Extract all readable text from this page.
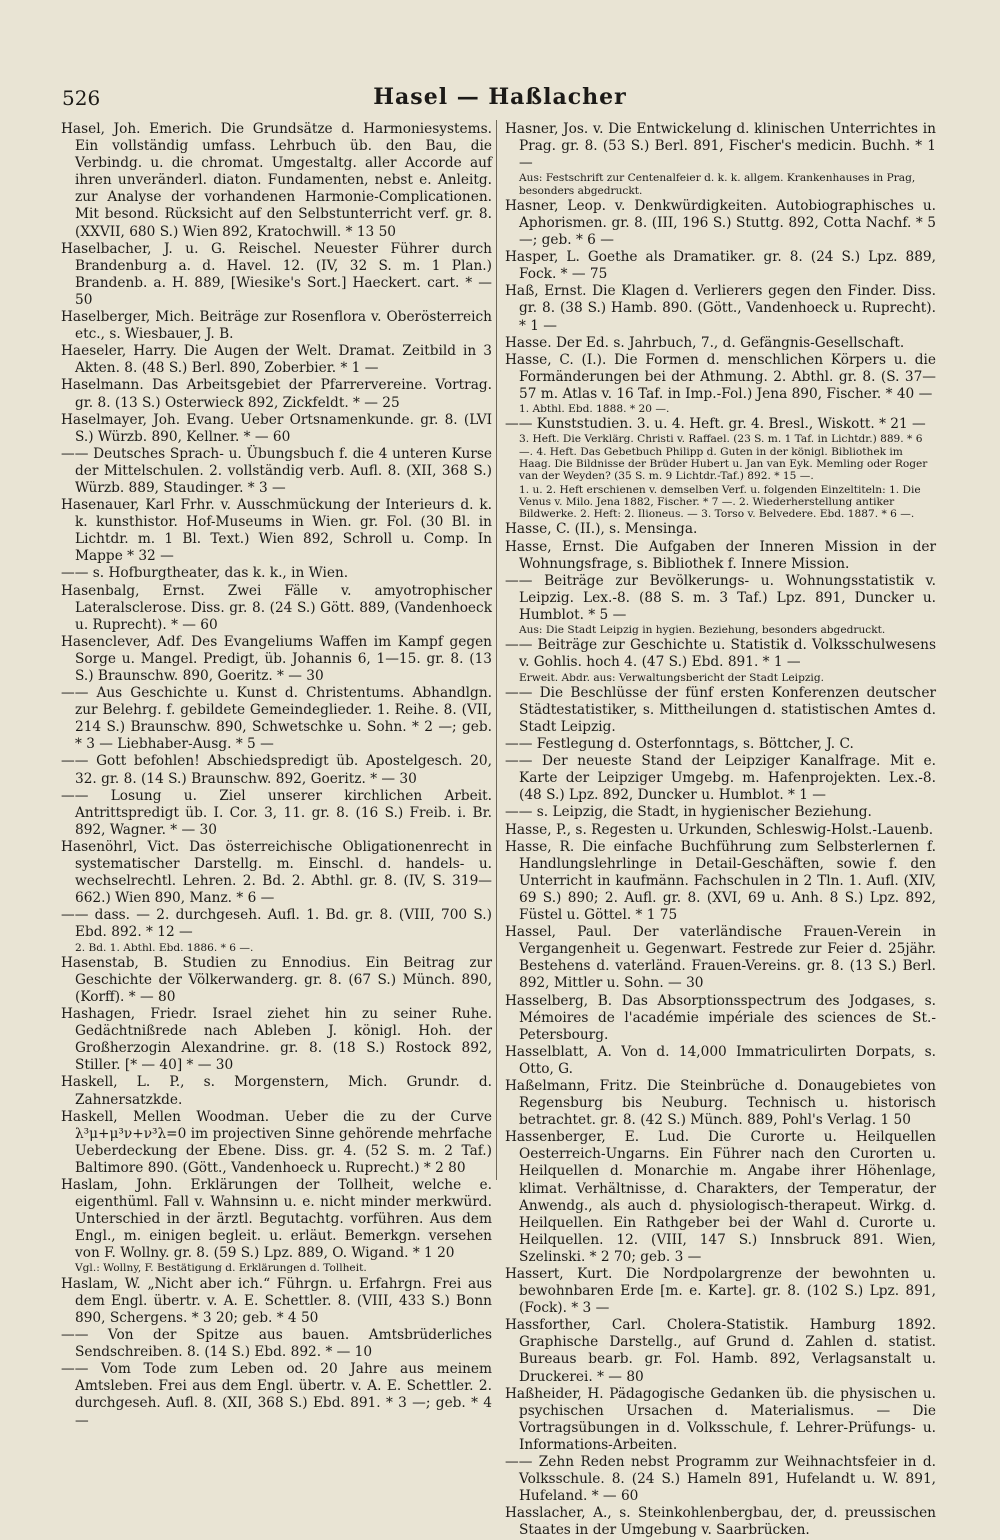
526	Hasel — Haßlacher

Hasel, Joh. Emerich. Die Grundsätze d. Harmoniesystems. Ein vollständig umfass. Lehrbuch üb. den Bau, die Verbindg. u. die chromat. Umgestaltg. aller Accorde auf ihren unveränderl. diaton. Fundamenten, nebst e. Anleitg. zur Analyse der vorhandenen Harmonie-Complicationen. Mit besond. Rücksicht auf den Selbstunterricht verf. gr. 8. (XXVII, 680 S.) Wien 892, Kratochwill. * 13 50

Haselbacher, J. u. G. Reischel. Neuester Führer durch Brandenburg a. d. Havel. 12. (IV, 32 S. m. 1 Plan.) Brandenb. a. H. 889, [Wiesike's Sort.] Haeckert. cart. * — 50

Haselberger, Mich. Beiträge zur Rosenflora v. Oberösterreich etc., s. Wiesbauer, J. B.

Haeseler, Harry. Die Augen der Welt. Dramat. Zeitbild in 3 Akten. 8. (48 S.) Berl. 890, Zoberbier. * 1 —

Haselmann. Das Arbeitsgebiet der Pfarrervereine. Vortrag. gr. 8. (13 S.) Osterwieck 892, Zickfeldt. * — 25

Haselmayer, Joh. Evang. Ueber Ortsnamenkunde. gr. 8. (LVI S.) Würzb. 890, Kellner. * — 60

—— Deutsches Sprach- u. Übungsbuch f. die 4 unteren Kurse der Mittelschulen. 2. vollständig verb. Aufl. 8. (XII, 368 S.) Würzb. 889, Staudinger. * 3 —

Hasenauer, Karl Frhr. v. Ausschmückung der Interieurs d. k. k. kunsthistor. Hof-Museums in Wien. gr. Fol. (30 Bl. in Lichtdr. m. 1 Bl. Text.) Wien 892, Schroll u. Comp. In Mappe * 32 —

—— s. Hofburgtheater, das k. k., in Wien.

Hasenbalg, Ernst. Zwei Fälle v. amyotrophischer Lateralsclerose. Diss. gr. 8. (24 S.) Gött. 889, (Vandenhoeck u. Ruprecht). * — 60

Hasenclever, Adf. Des Evangeliums Waffen im Kampf gegen Sorge u. Mangel. Predigt, üb. Johannis 6, 1—15. gr. 8. (13 S.) Braunschw. 890, Goeritz. * — 30

—— Aus Geschichte u. Kunst d. Christentums. Abhandlgn. zur Belehrg. f. gebildete Gemeindeglieder. 1. Reihe. 8. (VII, 214 S.) Braunschw. 890, Schwetschke u. Sohn. * 2 —; geb. * 3 — Liebhaber-Ausg. * 5 —

—— Gott befohlen! Abschiedspredigt üb. Apostelgesch. 20, 32. gr. 8. (14 S.) Braunschw. 892, Goeritz. * — 30

—— Losung u. Ziel unserer kirchlichen Arbeit. Antrittspredigt üb. I. Cor. 3, 11. gr. 8. (16 S.) Freib. i. Br. 892, Wagner. * — 30

Hasenöhrl, Vict. Das österreichische Obligationenrecht in systematischer Darstellg. m. Einschl. d. handels- u. wechselrechtl. Lehren. 2. Bd. 2. Abthl. gr. 8. (IV, S. 319—662.) Wien 890, Manz. * 6 —

—— dass. — 2. durchgeseh. Aufl. 1. Bd. gr. 8. (VIII, 700 S.) Ebd. 892. * 12 —

2. Bd. 1. Abthl. Ebd. 1886. * 6 —.

Hasenstab, B. Studien zu Ennodius. Ein Beitrag zur Geschichte der Völkerwanderg. gr. 8. (67 S.) Münch. 890, (Korff). * — 80

Hashagen, Friedr. Israel ziehet hin zu seiner Ruhe. Gedächtnißrede nach Ableben J. königl. Hoh. der Großherzogin Alexandrine. gr. 8. (18 S.) Rostock 892, Stiller. [* — 40] * — 30

Haskell, L. P., s. Morgenstern, Mich. Grundr. d. Zahnersatzkde.

Haskell, Mellen Woodman. Ueber die zu der Curve λ³μ+μ³ν+ν³λ=0 im projectiven Sinne gehörende mehrfache Ueberdeckung der Ebene. Diss. gr. 4. (52 S. m. 2 Taf.) Baltimore 890. (Gött., Vandenhoeck u. Ruprecht.) * 2 80

Haslam, John. Erklärungen der Tollheit, welche e. eigenthüml. Fall v. Wahnsinn u. e. nicht minder merkwürd. Unterschied in der ärztl. Begutachtg. vorführen. Aus dem Engl., m. einigen begleit. u. erläut. Bemerkgn. versehen von F. Wollny. gr. 8. (59 S.) Lpz. 889, O. Wigand. * 1 20

Vgl.: Wollny, F. Bestätigung d. Erklärungen d. Tollheit.

Haslam, W. „Nicht aber ich.“ Führgn. u. Erfahrgn. Frei aus dem Engl. übertr. v. A. E. Schettler. 8. (VIII, 433 S.) Bonn 890, Schergens. * 3 20; geb. * 4 50

—— Von der Spitze aus bauen. Amtsbrüderliches Sendschreiben. 8. (14 S.) Ebd. 892. * — 10

—— Vom Tode zum Leben od. 20 Jahre aus meinem Amtsleben. Frei aus dem Engl. übertr. v. A. E. Schettler. 2. durchgeseh. Aufl. 8. (XII, 368 S.) Ebd. 891. * 3 —; geb. * 4 —

Hasner, Jos. v. Die Entwickelung d. klinischen Unterrichtes in Prag. gr. 8. (53 S.) Berl. 891, Fischer's medicin. Buchh. * 1 —

Aus: Festschrift zur Centenalfeier d. k. k. allgem. Krankenhauses in Prag, besonders abgedruckt.

Hasner, Leop. v. Denkwürdigkeiten. Autobiographisches u. Aphorismen. gr. 8. (III, 196 S.) Stuttg. 892, Cotta Nachf. * 5 —; geb. * 6 —

Hasper, L. Goethe als Dramatiker. gr. 8. (24 S.) Lpz. 889, Fock. * — 75

Haß, Ernst. Die Klagen d. Verlierers gegen den Finder. Diss. gr. 8. (38 S.) Hamb. 890. (Gött., Vandenhoeck u. Ruprecht). * 1 —

Hasse. Der Ed. s. Jahrbuch, 7., d. Gefängnis-Gesellschaft.

Hasse, C. (I.). Die Formen d. menschlichen Körpers u. die Formänderungen bei der Athmung. 2. Abthl. gr. 8. (S. 37—57 m. Atlas v. 16 Taf. in Imp.-Fol.) Jena 890, Fischer. * 40 —

1. Abthl. Ebd. 1888. * 20 —.

—— Kunststudien. 3. u. 4. Heft. gr. 4. Bresl., Wiskott. * 21 —

3. Heft. Die Verklärg. Christi v. Raffael. (23 S. m. 1 Taf. in Lichtdr.) 889. * 6 —. 4. Heft. Das Gebetbuch Philipp d. Guten in der königl. Bibliothek im Haag. Die Bildnisse der Brüder Hubert u. Jan van Eyk. Memling oder Roger van der Weyden? (35 S. m. 9 Lichtdr.-Taf.) 892. * 15 —.

1. u. 2. Heft erschienen v. demselben Verf. u. folgenden Einzeltiteln: 1. Die Venus v. Milo. Jena 1882, Fischer. * 7 —. 2. Wiederherstellung antiker Bildwerke. 2. Heft: 2. Ilioneus. — 3. Torso v. Belvedere. Ebd. 1887. * 6 —.

Hasse, C. (II.), s. Mensinga.

Hasse, Ernst. Die Aufgaben der Inneren Mission in der Wohnungsfrage, s. Bibliothek f. Innere Mission.

—— Beiträge zur Bevölkerungs- u. Wohnungsstatistik v. Leipzig. Lex.-8. (88 S. m. 3 Taf.) Lpz. 891, Duncker u. Humblot. * 5 —

Aus: Die Stadt Leipzig in hygien. Beziehung, besonders abgedruckt.

—— Beiträge zur Geschichte u. Statistik d. Volksschulwesens v. Gohlis. hoch 4. (47 S.) Ebd. 891. * 1 —

Erweit. Abdr. aus: Verwaltungsbericht der Stadt Leipzig.

—— Die Beschlüsse der fünf ersten Konferenzen deutscher Städtestatistiker, s. Mittheilungen d. statistischen Amtes d. Stadt Leipzig.

—— Festlegung d. Osterfonntags, s. Böttcher, J. C.

—— Der neueste Stand der Leipziger Kanalfrage. Mit e. Karte der Leipziger Umgebg. m. Hafenprojekten. Lex.-8. (48 S.) Lpz. 892, Duncker u. Humblot. * 1 —

—— s. Leipzig, die Stadt, in hygienischer Beziehung.

Hasse, P., s. Regesten u. Urkunden, Schleswig-Holst.-Lauenb.

Hasse, R. Die einfache Buchführung zum Selbsterlernen f. Handlungslehrlinge in Detail-Geschäften, sowie f. den Unterricht in kaufmänn. Fachschulen in 2 Tln. 1. Aufl. (XIV, 69 S.) 890; 2. Aufl. gr. 8. (XVI, 69 u. Anh. 8 S.) Lpz. 892, Füstel u. Göttel. * 1 75

Hassel, Paul. Der vaterländische Frauen-Verein in Vergangenheit u. Gegenwart. Festrede zur Feier d. 25jähr. Bestehens d. vaterländ. Frauen-Vereins. gr. 8. (13 S.) Berl. 892, Mittler u. Sohn. — 30

Hasselberg, B. Das Absorptionsspectrum des Jodgases, s. Mémoires de l'académie impériale des sciences de St.-Petersbourg.

Hasselblatt, A. Von d. 14,000 Immatriculirten Dorpats, s. Otto, G.

Haßelmann, Fritz. Die Steinbrüche d. Donaugebietes von Regensburg bis Neuburg. Technisch u. historisch betrachtet. gr. 8. (42 S.) Münch. 889, Pohl's Verlag. 1 50

Hassenberger, E. Lud. Die Curorte u. Heilquellen Oesterreich-Ungarns. Ein Führer nach den Curorten u. Heilquellen d. Monarchie m. Angabe ihrer Höhenlage, klimat. Verhältnisse, d. Charakters, der Temperatur, der Anwendg., als auch d. physiologisch-therapeut. Wirkg. d. Heilquellen. Ein Rathgeber bei der Wahl d. Curorte u. Heilquellen. 12. (VIII, 147 S.) Innsbruck 891. Wien, Szelinski. * 2 70; geb. 3 —

Hassert, Kurt. Die Nordpolargrenze der bewohnten u. bewohnbaren Erde [m. e. Karte]. gr. 8. (102 S.) Lpz. 891, (Fock). * 3 —

Hassforther, Carl. Cholera-Statistik. Hamburg 1892. Graphische Darstellg., auf Grund d. Zahlen d. statist. Bureaus bearb. gr. Fol. Hamb. 892, Verlagsanstalt u. Druckerei. * — 80

Haßheider, H. Pädagogische Gedanken üb. die physischen u. psychischen Ursachen d. Materialismus. — Die Vortragsübungen in d. Volksschule, f. Lehrer-Prüfungs- u. Informations-Arbeiten.

—— Zehn Reden nebst Programm zur Weihnachtsfeier in d. Volksschule. 8. (24 S.) Hameln 891, Hufelandt u. W. 891, Hufeland. * — 60

Hasslacher, A., s. Steinkohlenbergbau, der, d. preussischen Staates in der Umgebung v. Saarbrücken.
